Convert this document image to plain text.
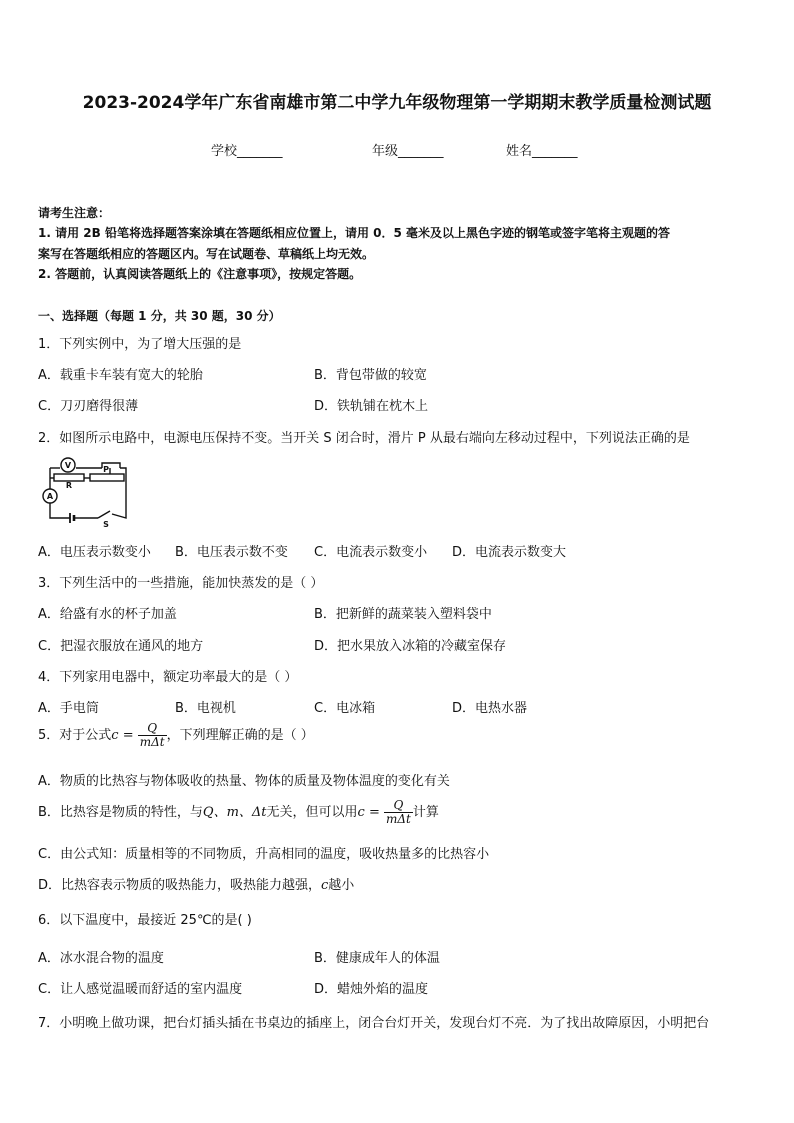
2023-2024学年广东省南雄市第二中学九年级物理第一学期期末教学质量检测试题
学校_______	年级_______	姓名_______
请考生注意：
1. 请用 2B 铅笔将选择题答案涂填在答题纸相应位置上，请用 0．5 毫米及以上黑色字迹的钢笔或签字笔将主观题的答
案写在答题纸相应的答题区内。写在试题卷、草稿纸上均无效。
2. 答题前，认真阅读答题纸上的《注意事项》，按规定答题。
一、选择题（每题 1 分，共 30 题，30 分）
1．下列实例中，为了增大压强的是
A．载重卡车装有宽大的轮胎	B．背包带做的较宽
C．刀刃磨得很薄	D．铁轨铺在枕木上
2．如图所示电路中，电源电压保持不变。当开关 S 闭合时，滑片 P 从最右端向左移动过程中，下列说法正确的是
V
A
R
P
S
A．电压表示数变小 B．电压表示数不变 C．电流表示数变小 D．电流表示数变大
3．下列生活中的一些措施，能加快蒸发的是（ ）
A．给盛有水的杯子加盖	B．把新鲜的蔬菜装入塑料袋中
C．把湿衣服放在通风的地方	D．把水果放入冰箱的冷藏室保存
4．下列家用电器中，额定功率最大的是（ ）
A．手电筒	B．电视机	C．电冰箱	D．电热水器
5．对于公式$c = \frac{Q}{\text{mΔt}}$ ，下列理解正确的是（ ）
A．物质的比热容与物体吸收的热量、物体的质量及物体温度的变化有关
B．比热容是物质的特性，与Q、m、Δt无关，但可以用$c = \frac{Q}{\text{mΔt}}$ 计算
C．由公式知：质量相等的不同物质，升高相同的温度，吸收热量多的比热容小
D．比热容表示物质的吸热能力，吸热能力越强，c越小
6．以下温度中，最接近 25℃的是( )
A．冰水混合物的温度	B．健康成年人的体温
C．让人感觉温暖而舒适的室内温度	D．蜡烛外焰的温度
7．小明晚上做功课，把台灯插头插在书桌边的插座上，闭合台灯开关，发现台灯不亮．为了找出故障原因，小明把台
